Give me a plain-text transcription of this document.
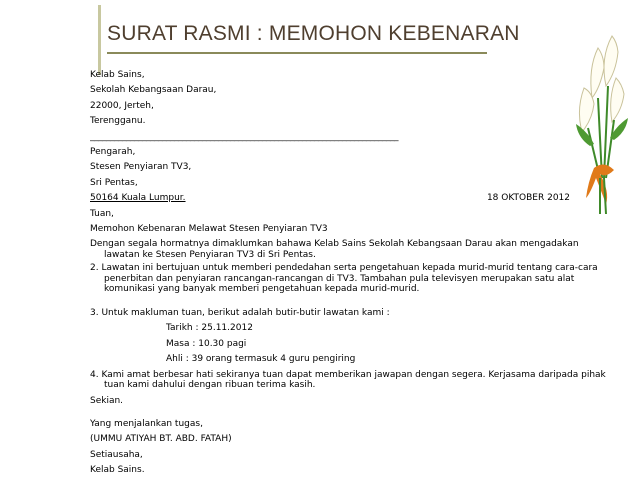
SURAT RASMI : MEMOHON KEBENARAN
Kelab Sains,
Sekolah Kebangsaan Darau,
22000, Jerteh,
Terengganu.
_____________________________________________________________________________
Pengarah,
Stesen Penyiaran TV3,
Sri Pentas,
50164 Kuala Lumpur.	18 OKTOBER 2012
Tuan,
Memohon Kebenaran Melawat Stesen Penyiaran TV3
Dengan segala hormatnya dimaklumkan bahawa Kelab Sains Sekolah Kebangsaan Darau akan mengadakan lawatan ke Stesen Penyiaran TV3 di Sri Pentas.
2. Lawatan ini bertujuan untuk memberi pendedahan serta pengetahuan kepada murid-murid tentang cara-cara penerbitan dan penyiaran rancangan-rancangan di TV3. Tambahan pula televisyen merupakan satu alat komunikasi yang banyak memberi pengetahuan kepada murid-murid.
3. Untuk makluman tuan, berikut adalah butir-butir lawatan kami :
Tarikh : 25.11.2012
Masa : 10.30 pagi
Ahli : 39 orang termasuk 4 guru pengiring
4. Kami amat berbesar hati sekiranya tuan dapat memberikan jawapan dengan segera. Kerjasama daripada pihak tuan kami dahului dengan ribuan terima kasih.
Sekian.
Yang menjalankan tugas,
(UMMU ATIYAH BT. ABD. FATAH)
Setiausaha,
Kelab Sains.
